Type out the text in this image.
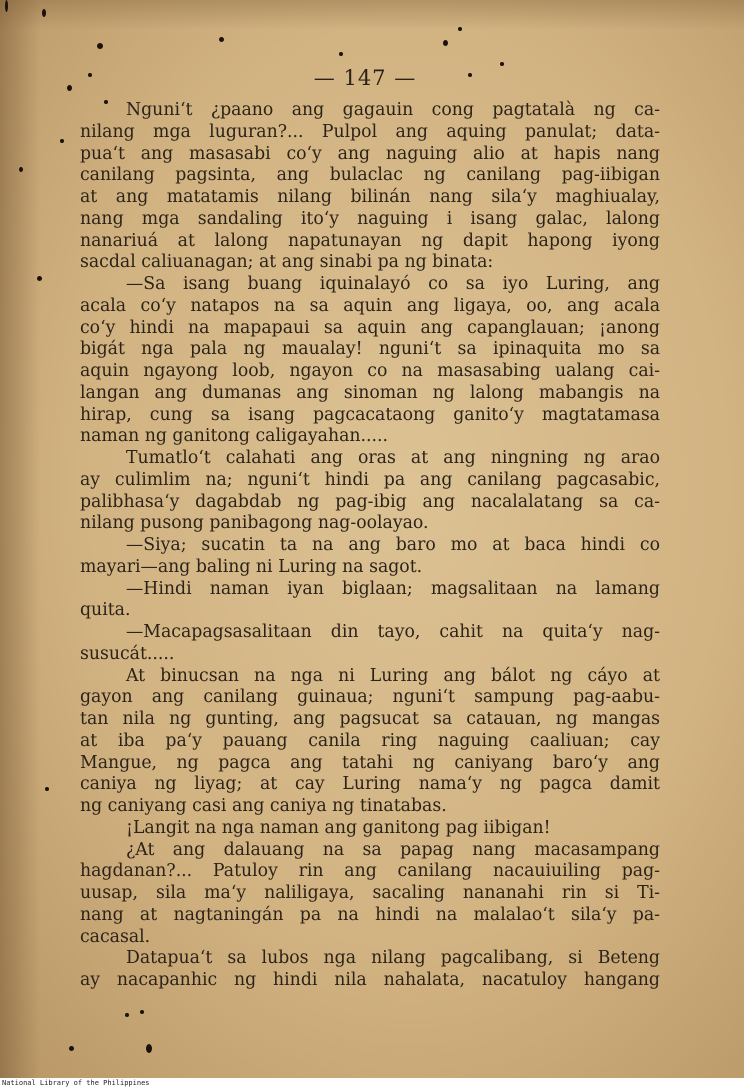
— 147 —
Nguni‘t ¿paano ang gagauin cong pagtatalà ng ca-
nilang mga luguran?... Pulpol ang aquing panulat; data-
pua‘t ang masasabi co‘y ang naguing alio at hapis nang
canilang pagsinta, ang bulaclac ng canilang pag-iibigan
at ang matatamis nilang bilinán nang sila‘y maghiualay,
nang mga sandaling ito‘y naguing i isang galac, lalong
nanariuá at lalong napatunayan ng dapit hapong iyong
sacdal caliuanagan; at ang sinabi pa ng binata:
—Sa isang buang iquinalayó co sa iyo Luring, ang
acala co‘y natapos na sa aquin ang ligaya, oo, ang acala
co‘y hindi na mapapaui sa aquin ang capanglauan; ¡anong
bigát nga pala ng maualay! nguni‘t sa ipinaquita mo sa
aquin ngayong loob, ngayon co na masasabing ualang cai-
langan ang dumanas ang sinoman ng lalong mabangis na
hirap, cung sa isang pagcacataong ganito‘y magtatamasa
naman ng ganitong caligayahan.....
Tumatlo‘t calahati ang oras at ang ningning ng arao
ay culimlim na; nguni‘t hindi pa ang canilang pagcasabic,
palibhasa‘y dagabdab ng pag-ibig ang nacalalatang sa ca-
nilang pusong panibagong nag-oolayao.
—Siya; sucatin ta na ang baro mo at baca hindi co
mayari—ang baling ni Luring na sagot.
—Hindi naman iyan biglaan; magsalitaan na lamang
quita.
—Macapagsasalitaan din tayo, cahit na quita‘y nag-
susucát.....
At binucsan na nga ni Luring ang bálot ng cáyo at
gayon ang canilang guinaua; nguni‘t sampung pag-aabu-
tan nila ng gunting, ang pagsucat sa catauan, ng mangas
at iba pa‘y pauang canila ring naguing caaliuan; cay
Mangue, ng pagca ang tatahi ng caniyang baro‘y ang
caniya ng liyag; at cay Luring nama‘y ng pagca damit
ng caniyang casi ang caniya ng tinatabas.
¡Langit na nga naman ang ganitong pag iibigan!
¿At ang dalauang na sa papag nang macasampang
hagdanan?... Patuloy rin ang canilang nacauiuiling pag-
uusap, sila ma‘y naliligaya, sacaling nananahi rin si Ti-
nang at nagtaningán pa na hindi na malalao‘t sila‘y pa-
cacasal.
Datapua‘t sa lubos nga nilang pagcalibang, si Beteng
ay nacapanhic ng hindi nila nahalata, nacatuloy hangang
National Library of the Philippines
